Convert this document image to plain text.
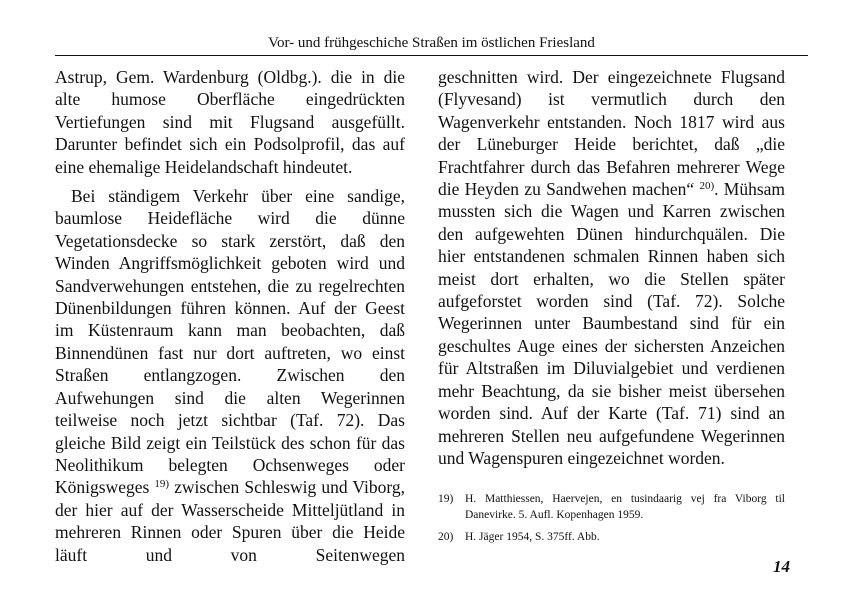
Vor- und frühgeschiche Straßen im östlichen Friesland

Astrup, Gem. Wardenburg (Oldbg.). die in die alte humose Oberfläche eingedrückten Vertiefungen sind mit Flugsand ausgefüllt. Darunter befindet sich ein Podsolprofil, das auf eine ehemalige Heidelandschaft hindeutet.

Bei ständigem Verkehr über eine sandige, baumlose Heidefläche wird die dünne Vegetationsdecke so stark zerstört, daß den Winden Angriffsmöglichkeit geboten wird und Sandverwehungen entstehen, die zu regelrechten Dünenbildungen führen können. Auf der Geest im Küstenraum kann man beobachten, daß Binnendünen fast nur dort auftreten, wo einst Straßen entlangzogen. Zwischen den Aufwehungen sind die alten Wegerinnen teilweise noch jetzt sichtbar (Taf. 72). Das gleiche Bild zeigt ein Teilstück des schon für das Neolithikum belegten Ochsenweges oder Königsweges $^{19)}$ zwischen Schleswig und Viborg, der hier auf der Wasserscheide Mitteljütland in mehreren Rinnen oder Spuren über die Heide läuft und von Seitenwegen

geschnitten wird. Der eingezeichnete Flugsand (Flyvesand) ist vermutlich durch den Wagenverkehr entstanden. Noch 1817 wird aus der Lüneburger Heide berichtet, daß „die Frachtfahrer durch das Befahren mehrerer Wege die Heyden zu Sandwehen machen“ $^{20)}$. Mühsam mussten sich die Wagen und Karren zwischen den aufgewehten Dünen hindurchquälen. Die hier entstandenen schmalen Rinnen haben sich meist dort erhalten, wo die Stellen später aufgeforstet worden sind (Taf. 72). Solche Wegerinnen unter Baumbestand sind für ein geschultes Auge eines der sichersten Anzeichen für Altstraßen im Diluvialgebiet und verdienen mehr Beachtung, da sie bisher meist übersehen worden sind. Auf der Karte (Taf. 71) sind an mehreren Stellen neu aufgefundene Wegerinnen und Wagenspuren eingezeichnet worden.

19) H. Matthiessen, Haervejen, en tusindaarig vej fra Viborg til Danevirke. 5. Aufl. Kopenhagen 1959.

20) H. Jäger 1954, S. 375ff. Abb.

14
